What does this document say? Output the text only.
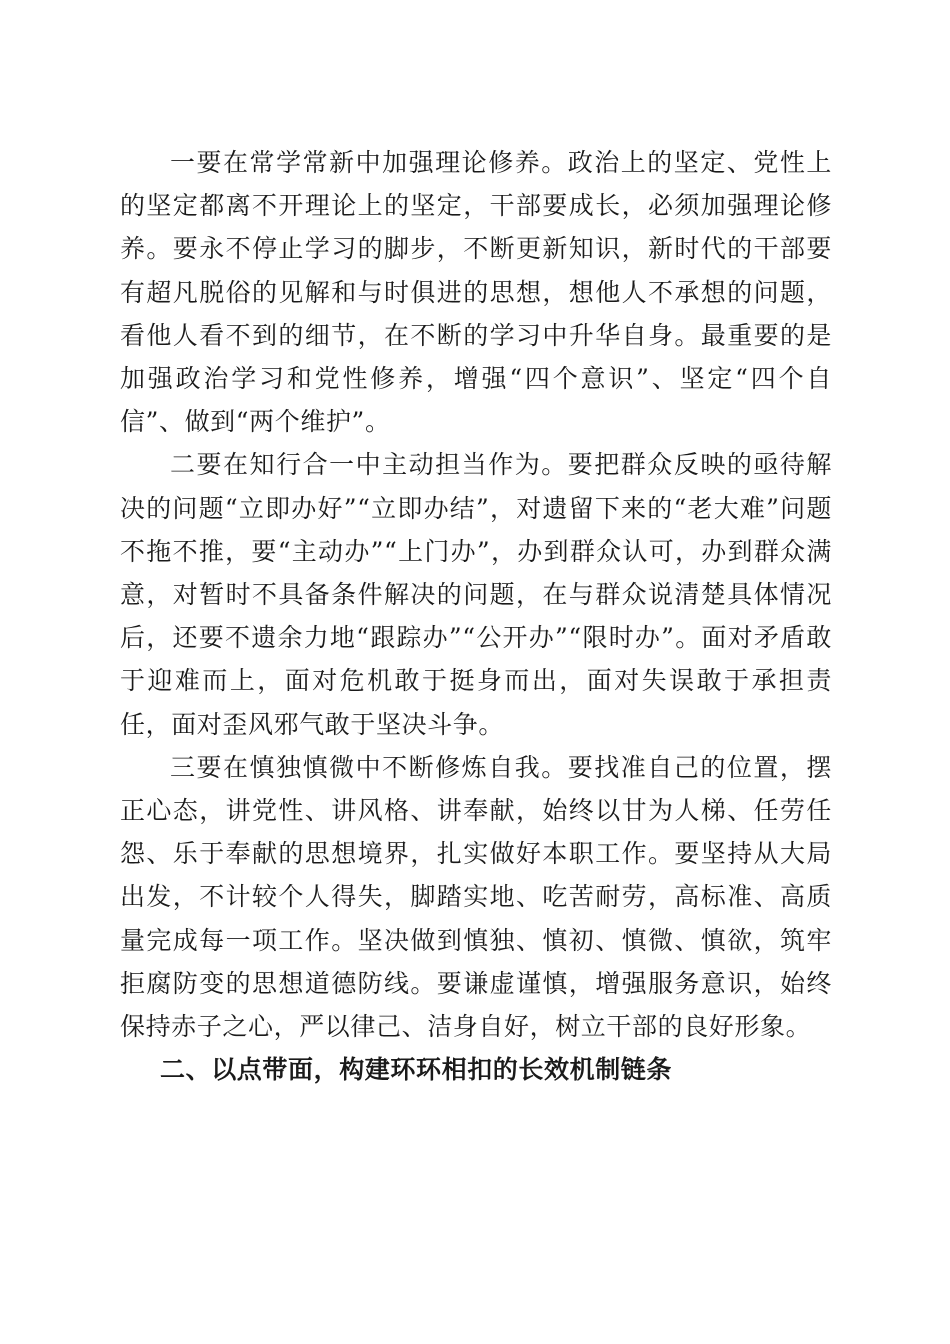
一要在常学常新中加强理论修养。政治上的坚定、党性上的坚定都离不开理论上的坚定，干部要成长，必须加强理论修养。要永不停止学习的脚步，不断更新知识，新时代的干部要有超凡脱俗的见解和与时俱进的思想，想他人不承想的问题，看他人看不到的细节，在不断的学习中升华自身。最重要的是加强政治学习和党性修养，增强“四个意识”、坚定“四个自信”、做到“两个维护”。

二要在知行合一中主动担当作为。要把群众反映的亟待解决的问题“立即办好”“立即办结”，对遗留下来的“老大难”问题不拖不推，要“主动办”“上门办”，办到群众认可，办到群众满意，对暂时不具备条件解决的问题，在与群众说清楚具体情况后，还要不遗余力地“跟踪办”“公开办”“限时办”。面对矛盾敢于迎难而上，面对危机敢于挺身而出，面对失误敢于承担责任，面对歪风邪气敢于坚决斗争。

三要在慎独慎微中不断修炼自我。要找准自己的位置，摆正心态，讲党性、讲风格、讲奉献，始终以甘为人梯、任劳任怨、乐于奉献的思想境界，扎实做好本职工作。要坚持从大局出发，不计较个人得失，脚踏实地、吃苦耐劳，高标准、高质量完成每一项工作。坚决做到慎独、慎初、慎微、慎欲，筑牢拒腐防变的思想道德防线。要谦虚谨慎，增强服务意识，始终保持赤子之心，严以律己、洁身自好，树立干部的良好形象。

二、以点带面，构建环环相扣的长效机制链条
